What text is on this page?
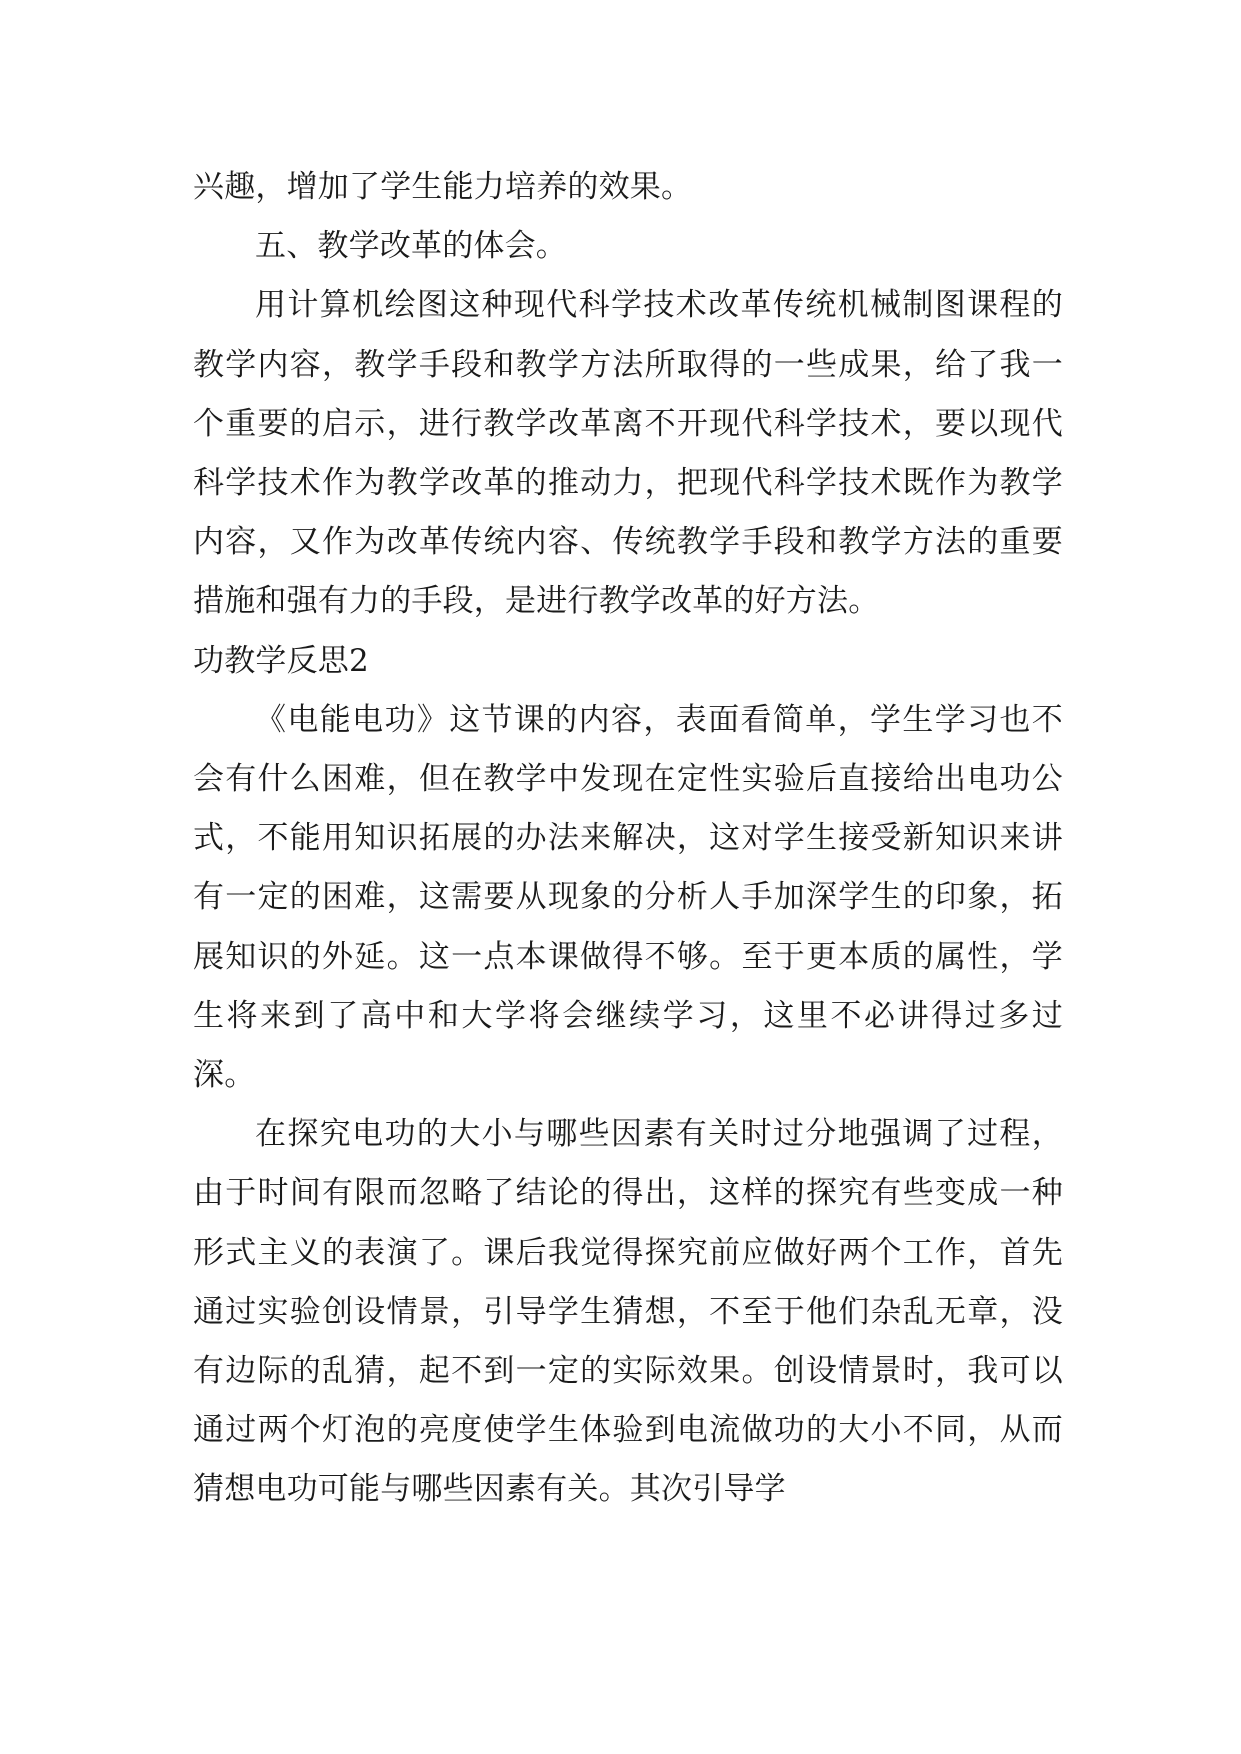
兴趣，增加了学生能力培养的效果。

五、教学改革的体会。

用计算机绘图这种现代科学技术改革传统机械制图课程的教学内容，教学手段和教学方法所取得的一些成果，给了我一个重要的启示，进行教学改革离不开现代科学技术，要以现代科学技术作为教学改革的推动力，把现代科学技术既作为教学内容，又作为改革传统内容、传统教学手段和教学方法的重要措施和强有力的手段，是进行教学改革的好方法。

功教学反思2

《电能电功》这节课的内容，表面看简单，学生学习也不会有什么困难，但在教学中发现在定性实验后直接给出电功公式，不能用知识拓展的办法来解决，这对学生接受新知识来讲有一定的困难，这需要从现象的分析人手加深学生的印象，拓展知识的外延。这一点本课做得不够。至于更本质的属性，学生将来到了高中和大学将会继续学习，这里不必讲得过多过深。

在探究电功的大小与哪些因素有关时过分地强调了过程，由于时间有限而忽略了结论的得出，这样的探究有些变成一种形式主义的表演了。课后我觉得探究前应做好两个工作，首先通过实验创设情景，引导学生猜想，不至于他们杂乱无章，没有边际的乱猜，起不到一定的实际效果。创设情景时，我可以通过两个灯泡的亮度使学生体验到电流做功的大小不同，从而猜想电功可能与哪些因素有关。其次引导学
